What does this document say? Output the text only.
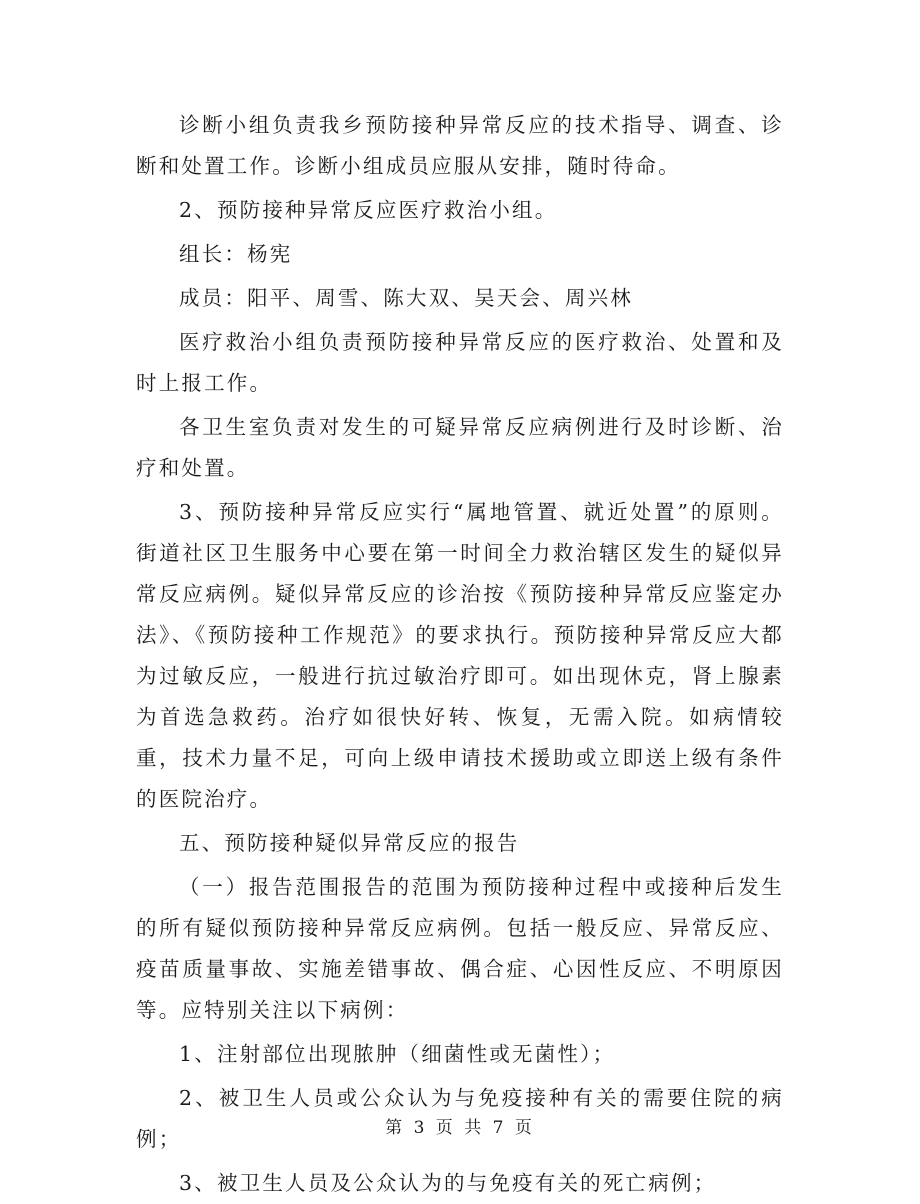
诊断小组负责我乡预防接种异常反应的技术指导、调查、诊断和处置工作。诊断小组成员应服从安排，随时待命。

2、预防接种异常反应医疗救治小组。

组长：杨宪

成员：阳平、周雪、陈大双、吴天会、周兴林

医疗救治小组负责预防接种异常反应的医疗救治、处置和及时上报工作。

各卫生室负责对发生的可疑异常反应病例进行及时诊断、治疗和处置。

3、预防接种异常反应实行“属地管置、就近处置”的原则。街道社区卫生服务中心要在第一时间全力救治辖区发生的疑似异常反应病例。疑似异常反应的诊治按《预防接种异常反应鉴定办法》、《预防接种工作规范》的要求执行。预防接种异常反应大都为过敏反应，一般进行抗过敏治疗即可。如出现休克，肾上腺素为首选急救药。治疗如很快好转、恢复，无需入院。如病情较重，技术力量不足，可向上级申请技术援助或立即送上级有条件的医院治疗。

五、预防接种疑似异常反应的报告

（一）报告范围报告的范围为预防接种过程中或接种后发生的所有疑似预防接种异常反应病例。包括一般反应、异常反应、疫苗质量事故、实施差错事故、偶合症、心因性反应、不明原因等。应特别关注以下病例：

1、注射部位出现脓肿（细菌性或无菌性）；

2、被卫生人员或公众认为与免疫接种有关的需要住院的病例；

3、被卫生人员及公众认为的与免疫有关的死亡病例；

第 3 页 共 7 页
